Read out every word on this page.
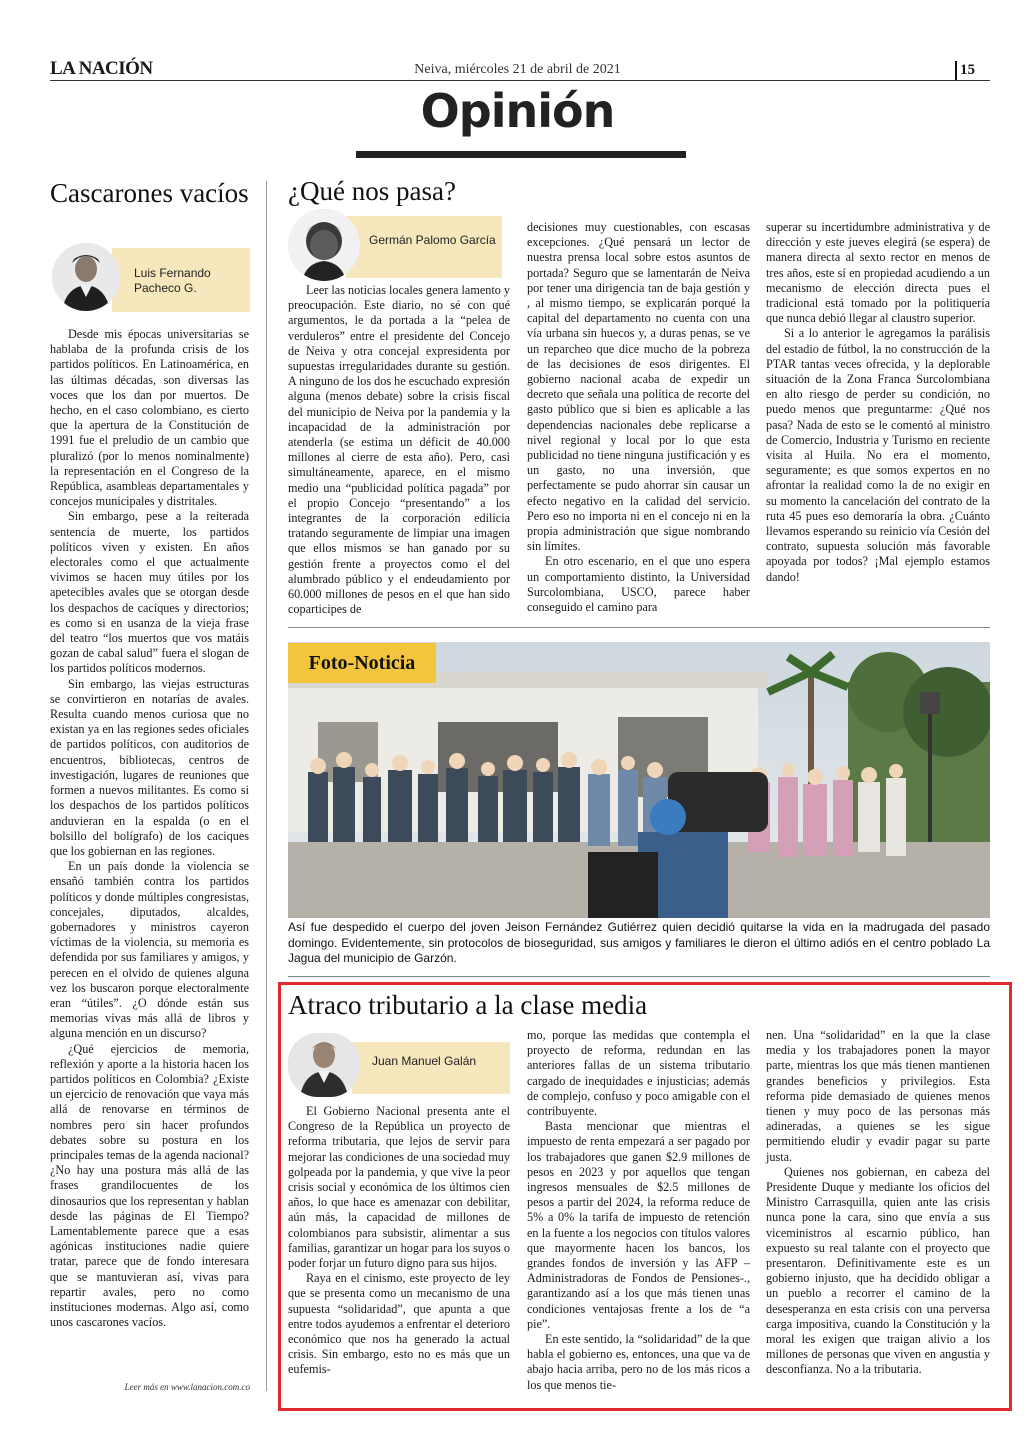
LA NACIÓN	Neiva, miércoles 21 de abril de 2021	15
Opinión
Cascarones vacíos
Luis Fernando Pacheco G.

Desde mis épocas universitarias se hablaba de la profunda crisis de los partidos políticos. En Latinoamérica, en las últimas décadas, son diversas las voces que los dan por muertos. De hecho, en el caso colombiano, es cierto que la apertura de la Constitución de 1991 fue el preludio de un cambio que pluralizó (por lo menos nominalmente) la representación en el Congreso de la República, asambleas departamentales y concejos municipales y distritales.

Sin embargo, pese a la reiterada sentencia de muerte, los partidos políticos viven y existen. En años electorales como el que actualmente vivimos se hacen muy útiles por los apetecibles avales que se otorgan desde los despachos de caciques y directorios; es como si en usanza de la vieja frase del teatro “los muertos que vos matáis gozan de cabal salud” fuera el slogan de los partidos políticos modernos.

Sin embargo, las viejas estructuras se convirtieron en notarías de avales. Resulta cuando menos curiosa que no existan ya en las regiones sedes oficiales de partidos políticos, con auditorios de encuentros, bibliotecas, centros de investigación, lugares de reuniones que formen a nuevos militantes. Es como si los despachos de los partidos políticos anduvieran en la espalda (o en el bolsillo del bolígrafo) de los caciques que los gobiernan en las regiones.

En un país donde la violencia se ensañó también contra los partidos políticos y donde múltiples congresistas, concejales, diputados, alcaldes, gobernadores y ministros cayeron víctimas de la violencia, su memoria es defendida por sus familiares y amigos, y perecen en el olvido de quienes alguna vez los buscaron porque electoralmente eran “útiles”. ¿O dónde están sus memorias vivas más allá de libros y alguna mención en un discurso?

¿Qué ejercicios de memoria, reflexión y aporte a la historia hacen los partidos políticos en Colombia? ¿Existe un ejercicio de renovación que vaya más allá de renovarse en términos de nombres pero sin hacer profundos debates sobre su postura en los principales temas de la agenda nacional? ¿No hay una postura más allá de las frases grandilocuentes de los dinosaurios que los representan y hablan desde las páginas de El Tiempo? Lamentablemente parece que a esas agónicas instituciones nadie quiere tratar, parece que de fondo interesara que se mantuvieran así, vivas para repartir avales, pero no como instituciones modernas. Algo así, como unos cascarones vacíos.

Leer más en www.lanacion.com.co
¿Qué nos pasa?
Germán Palomo García

Leer las noticias locales genera lamento y preocupación. Este diario, no sé con qué argumentos, le da portada a la “pelea de verduleros” entre el presidente del Concejo de Neiva y otra concejal expresidenta por supuestas irregularidades durante su gestión. A ninguno de los dos he escuchado expresión alguna (menos debate) sobre la crisis fiscal del municipio de Neiva por la pandemia y la incapacidad de la administración por atenderla (se estima un déficit de 40.000 millones al cierre de esta año). Pero, casi simultáneamente, aparece, en el mismo medio una “publicidad política pagada” por el propio Concejo “presentando” a los integrantes de la corporación edilicia tratando seguramente de limpiar una imagen que ellos mismos se han ganado por su gestión frente a proyectos como el del alumbrado público y el endeudamiento por 60.000 millones de pesos en el que han sido coparticipes de

decisiones muy cuestionables, con escasas excepciones. ¿Qué pensará un lector de nuestra prensa local sobre estos asuntos de portada? Seguro que se lamentarán de Neiva por tener una dirigencia tan de baja gestión y , al mismo tiempo, se explicarán porqué la capital del departamento no cuenta con una vía urbana sin huecos y, a duras penas, se ve un reparcheo que dice mucho de la pobreza de las decisiones de esos dirigentes. El gobierno nacional acaba de expedir un decreto que señala una política de recorte del gasto público que si bien es aplicable a las dependencias nacionales debe replicarse a nivel regional y local por lo que esta publicidad no tiene ninguna justificación y es un gasto, no una inversión, que perfectamente se pudo ahorrar sin causar un efecto negativo en la calidad del servicio. Pero eso no importa ni en el concejo ni en la propia administración que sigue nombrando sin límites.

En otro escenario, en el que uno espera un comportamiento distinto, la Universidad Surcolombiana, USCO, parece haber conseguido el camino para

superar su incertidumbre administrativa y de dirección y este jueves elegirá (se espera) de manera directa al sexto rector en menos de tres años, este sí en propiedad acudiendo a un mecanismo de elección directa pues el tradicional está tomado por la politiquería que nunca debió llegar al claustro superior.

Si a lo anterior le agregamos la parálisis del estadio de fútbol, la no construcción de la PTAR tantas veces ofrecida, y la deplorable situación de la Zona Franca Surcolombiana en alto riesgo de perder su condición, no puedo menos que preguntarme: ¿Qué nos pasa? Nada de esto se le comentó al ministro de Comercio, Industria y Turismo en reciente visita al Huila. No era el momento, seguramente; es que somos expertos en no afrontar la realidad como la de no exigir en su momento la cancelación del contrato de la ruta 45 pues eso demoraría la obra. ¿Cuánto llevamos esperando su reinicio vía Cesión del contrato, supuesta solución más favorable apoyada por todos? ¡Mal ejemplo estamos dando!

Foto-Noticia
Así fue despedido el cuerpo del joven Jeison Fernández Gutiérrez quien decidió quitarse la vida en la madrugada del pasado domingo. Evidentemente, sin protocolos de bioseguridad, sus amigos y familiares le dieron el último adiós en el centro poblado La Jagua del municipio de Garzón.
Atraco tributario a la clase media
Juan Manuel Galán

El Gobierno Nacional presenta ante el Congreso de la República un proyecto de reforma tributaria, que lejos de servir para mejorar las condiciones de una sociedad muy golpeada por la pandemia, y que vive la peor crisis social y económica de los últimos cien años, lo que hace es amenazar con debilitar, aún más, la capacidad de millones de colombianos para subsistir, alimentar a sus familias, garantizar un hogar para los suyos o poder forjar un futuro digno para sus hijos.

Raya en el cinismo, este proyecto de ley que se presenta como un mecanismo de una supuesta “solidaridad”, que apunta a que entre todos ayudemos a enfrentar el deterioro económico que nos ha generado la actual crisis. Sin embargo, esto no es más que un eufemis-

mo, porque las medidas que contempla el proyecto de reforma, redundan en las anteriores fallas de un sistema tributario cargado de inequidades e injusticias; además de complejo, confuso y poco amigable con el contribuyente.

Basta mencionar que mientras el impuesto de renta empezará a ser pagado por los trabajadores que ganen $2.9 millones de pesos en 2023 y por aquellos que tengan ingresos mensuales de $2.5 millones de pesos a partir del 2024, la reforma reduce de 5% a 0% la tarifa de impuesto de retención en la fuente a los negocios con títulos valores que mayormente hacen los bancos, los grandes fondos de inversión y las AFP –Administradoras de Fondos de Pensiones-., garantizando así a los que más tienen unas condiciones ventajosas frente a los de “a pie”.

En este sentido, la “solidaridad” de la que habla el gobierno es, entonces, una que va de abajo hacia arriba, pero no de los más ricos a los que menos tie-

nen. Una “solidaridad” en la que la clase media y los trabajadores ponen la mayor parte, mientras los que más tienen mantienen grandes beneficios y privilegios. Esta reforma pide demasiado de quienes menos tienen y muy poco de las personas más adineradas, a quienes se les sigue permitiendo eludir y evadir pagar su parte justa.

Quienes nos gobiernan, en cabeza del Presidente Duque y mediante los oficios del Ministro Carrasquilla, quien ante las crisis nunca pone la cara, sino que envía a sus viceministros al escarnio público, han expuesto su real talante con el proyecto que presentaron. Definitivamente este es un gobierno injusto, que ha decidido obligar a un pueblo a recorrer el camino de la desesperanza en esta crisis con una perversa carga impositiva, cuando la Constitución y la moral les exigen que traigan alivio a los millones de personas que viven en angustia y desconfianza. No a la tributaria.
